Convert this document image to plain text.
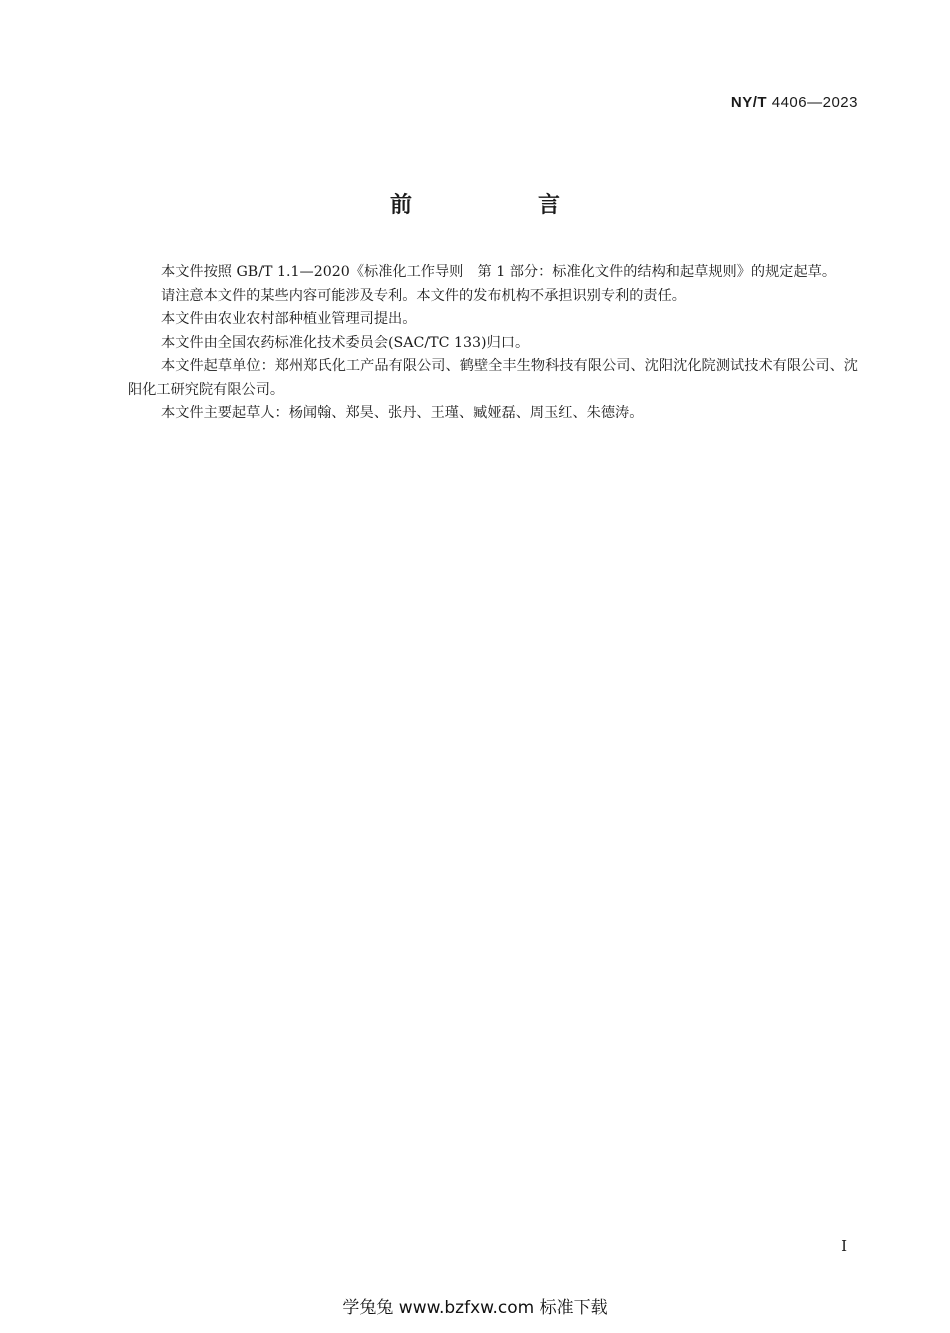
NY/T 4406—2023
前　言

本文件按照 GB/T 1.1—2020《标准化工作导则　第 1 部分：标准化文件的结构和起草规则》的规定起草。

请注意本文件的某些内容可能涉及专利。本文件的发布机构不承担识别专利的责任。

本文件由农业农村部种植业管理司提出。

本文件由全国农药标准化技术委员会(SAC/TC 133)归口。

本文件起草单位：郑州郑氏化工产品有限公司、鹤壁全丰生物科技有限公司、沈阳沈化院测试技术有限公司、沈阳化工研究院有限公司。

本文件主要起草人：杨闻翰、郑昊、张丹、王瑾、臧娅磊、周玉红、朱德涛。

I
学兔兔 www.bzfxw.com 标准下载
